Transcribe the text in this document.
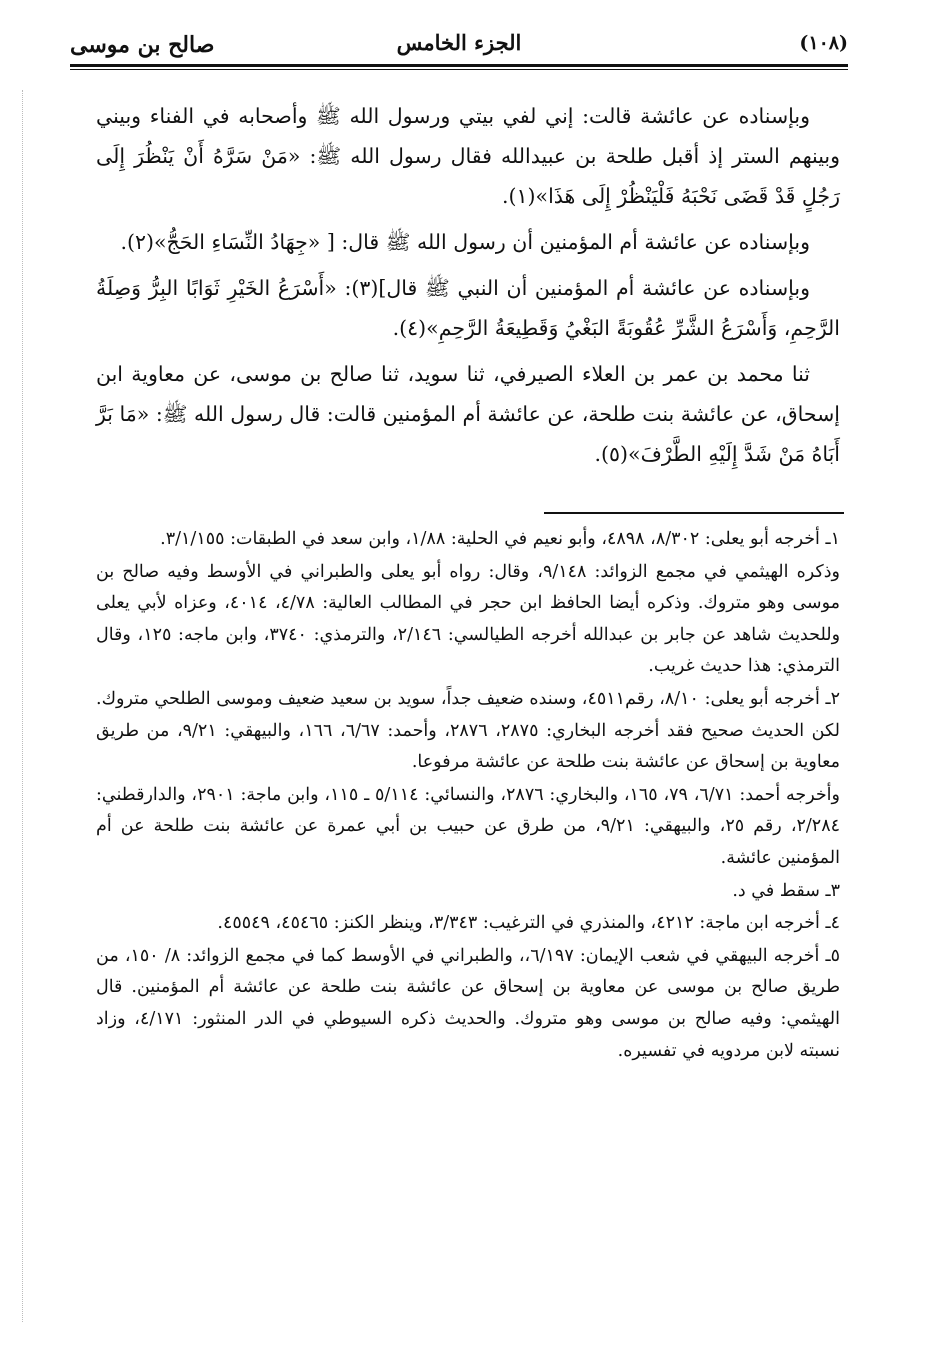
صالح بن موسى	الجزء الخامس	(١٠٨)

وبإسناده عن عائشة قالت: إني لفي بيتي ورسول الله ﷺ وأصحابه في الفناء وبيني وبينهم الستر إذ أقبل طلحة بن عبيدالله فقال رسول الله ﷺ: «مَنْ سَرَّهُ أَنْ يَنْظُرَ إِلَى رَجُلٍ قَدْ قَضَى نَحْبَهُ فَلْيَنْظُرْ إِلَى هَذَا»(١).

وبإسناده عن عائشة أم المؤمنين أن رسول الله ﷺ قال: [ «جِهَادُ النِّسَاءِ الحَجُّ»(٢).

وبإسناده عن عائشة أم المؤمنين أن النبي ﷺ قال](٣): «أَسْرَعُ الخَيْرِ ثَوَابًا البِرُّ وَصِلَةُ الرَّحِمِ، وَأَسْرَعُ الشَّرِّ عُقُوبَةً البَغْيُ وَقَطِيعَةُ الرَّحِمِ»(٤).

ثنا محمد بن عمر بن العلاء الصيرفي، ثنا سويد، ثنا صالح بن موسى، عن معاوية ابن إسحاق، عن عائشة بنت طلحة، عن عائشة أم المؤمنين قالت: قال رسول الله ﷺ: «مَا بَرَّ أَبَاهُ مَنْ شَدَّ إِلَيْهِ الطَّرْفَ»(٥).

١ـ أخرجه أبو يعلى: ٨/٣٠٢، ٤٨٩٨، وأبو نعيم في الحلية: ١/٨٨، وابن سعد في الطبقات: ٣/١/١٥٥.

وذكره الهيثمي في مجمع الزوائد: ٩/١٤٨، وقال: رواه أبو يعلى والطبراني في الأوسط وفيه صالح بن موسى وهو متروك. وذكره أيضا الحافظ ابن حجر في المطالب العالية: ٤/٧٨، ٤٠١٤، وعزاه لأبي يعلى وللحديث شاهد عن جابر بن عبدالله أخرجه الطيالسي: ٢/١٤٦، والترمذي: ٣٧٤٠، وابن ماجه: ١٢٥، وقال الترمذي: هذا حديث غريب.

٢ـ أخرجه أبو يعلى: ٨/١٠، رقم٤٥١١، وسنده ضعيف جداً، سويد بن سعيد ضعيف وموسى الطلحي متروك. لكن الحديث صحيح فقد أخرجه البخاري: ٢٨٧٥، ٢٨٧٦، وأحمد: ٦/٦٧، ١٦٦، والبيهقي: ٩/٢١، من طريق معاوية بن إسحاق عن عائشة بنت طلحة عن عائشة مرفوعا.

وأخرجه أحمد: ٦/٧١، ٧٩، ١٦٥، والبخاري: ٢٨٧٦، والنسائي: ٥/١١٤ ـ ١١٥، وابن ماجة: ٢٩٠١، والدارقطني: ٢/٢٨٤، رقم ٢٥، والبيهقي: ٩/٢١، من طرق عن حبيب بن أبي عمرة عن عائشة بنت طلحة عن أم المؤمنين عائشة.

٣ـ سقط في د.

٤ـ أخرجه ابن ماجة: ٤٢١٢، والمنذري في الترغيب: ٣/٣٤٣، وينظر الكنز: ٤٥٤٦٥، ٤٥٥٤٩.

٥ـ أخرجه البيهقي في شعب الإيمان: ٦/١٩٧،، والطبراني في الأوسط كما في مجمع الزوائد: ٨/ ١٥٠، من طريق صالح بن موسى عن معاوية بن إسحاق عن عائشة بنت طلحة عن عائشة أم المؤمنين. قال الهيثمي: وفيه صالح بن موسى وهو متروك. والحديث ذكره السيوطي في الدر المنثور: ٤/١٧١، وزاد نسبته لابن مردويه في تفسيره.
